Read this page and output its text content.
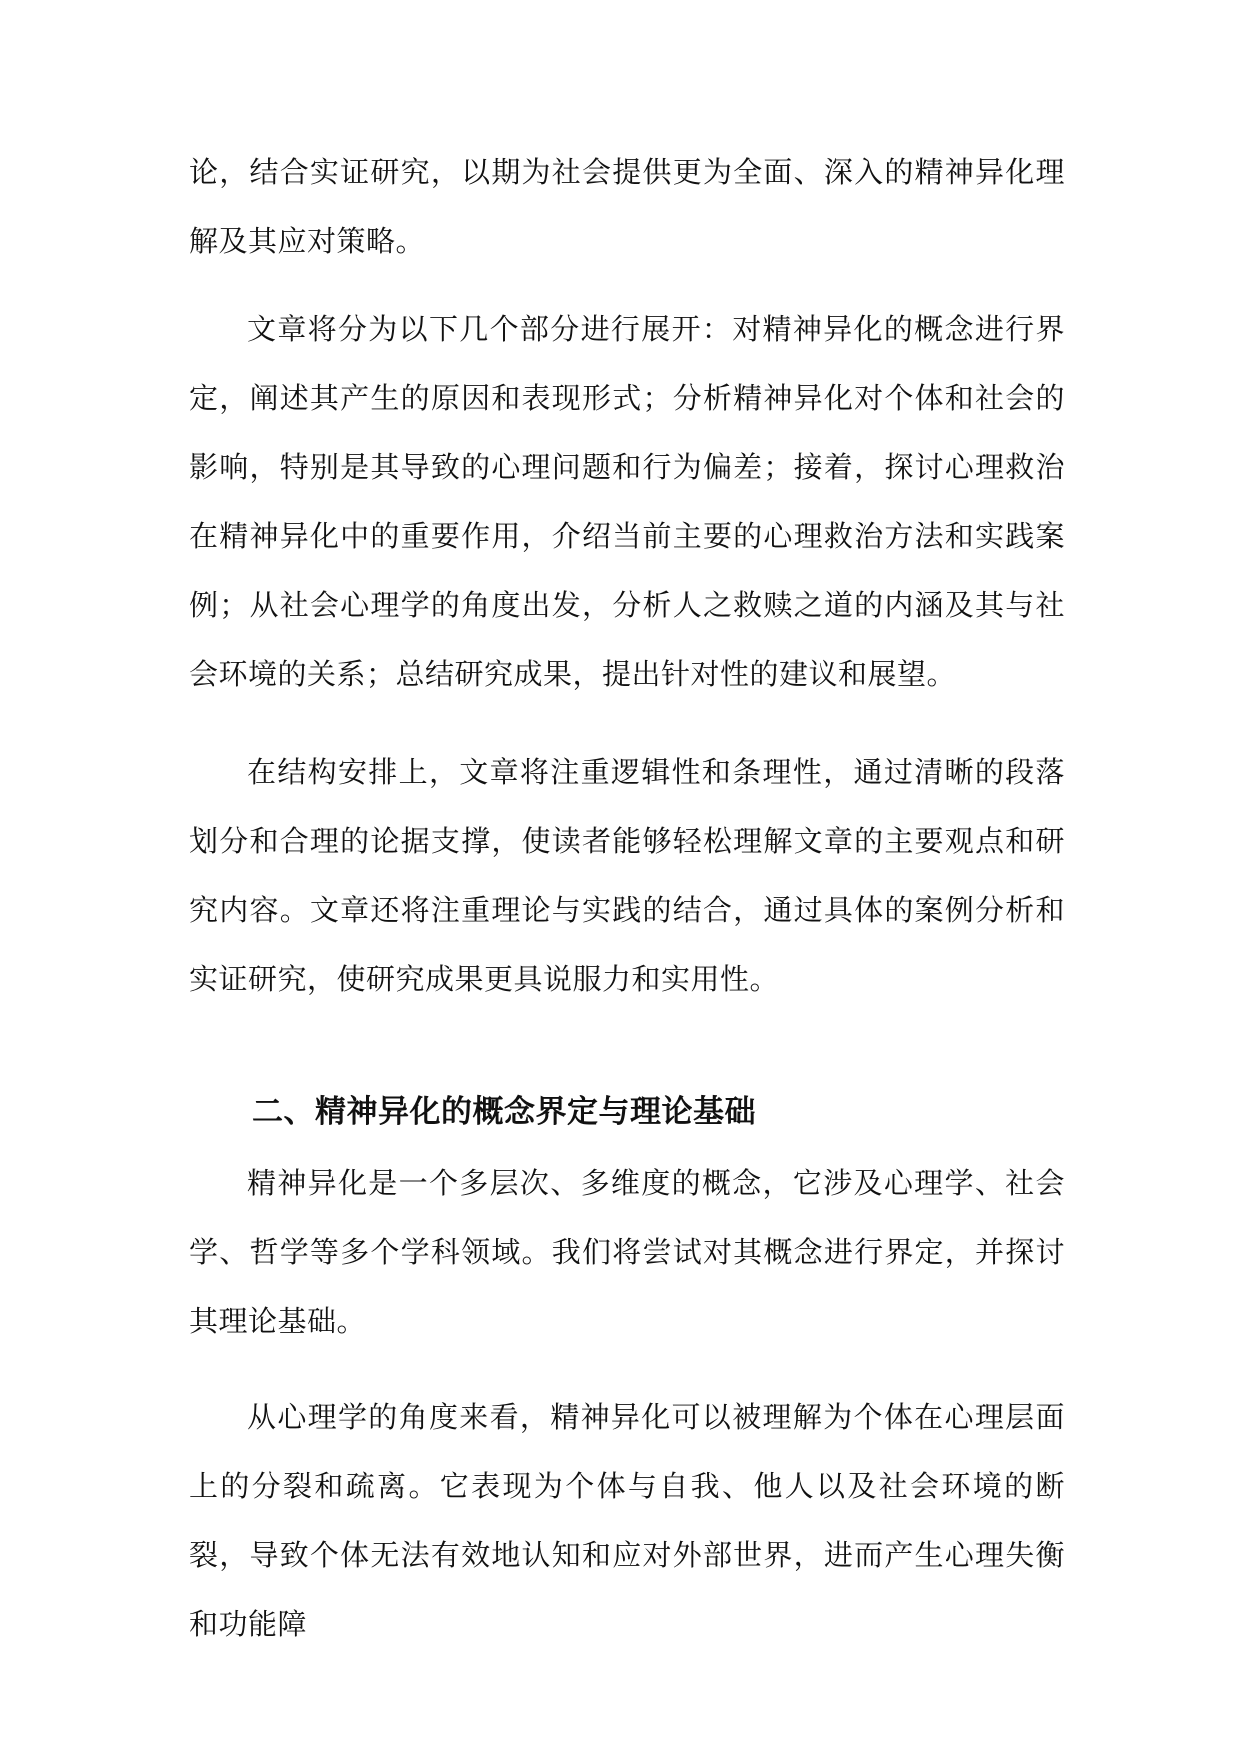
论，结合实证研究，以期为社会提供更为全面、深入的精神异化理解及其应对策略。

文章将分为以下几个部分进行展开：对精神异化的概念进行界定，阐述其产生的原因和表现形式；分析精神异化对个体和社会的影响，特别是其导致的心理问题和行为偏差；接着，探讨心理救治在精神异化中的重要作用，介绍当前主要的心理救治方法和实践案例；从社会心理学的角度出发，分析人之救赎之道的内涵及其与社会环境的关系；总结研究成果，提出针对性的建议和展望。

在结构安排上，文章将注重逻辑性和条理性，通过清晰的段落划分和合理的论据支撑，使读者能够轻松理解文章的主要观点和研究内容。文章还将注重理论与实践的结合，通过具体的案例分析和实证研究，使研究成果更具说服力和实用性。

二、精神异化的概念界定与理论基础

精神异化是一个多层次、多维度的概念，它涉及心理学、社会学、哲学等多个学科领域。我们将尝试对其概念进行界定，并探讨其理论基础。

从心理学的角度来看，精神异化可以被理解为个体在心理层面上的分裂和疏离。它表现为个体与自我、他人以及社会环境的断裂，导致个体无法有效地认知和应对外部世界，进而产生心理失衡和功能障
